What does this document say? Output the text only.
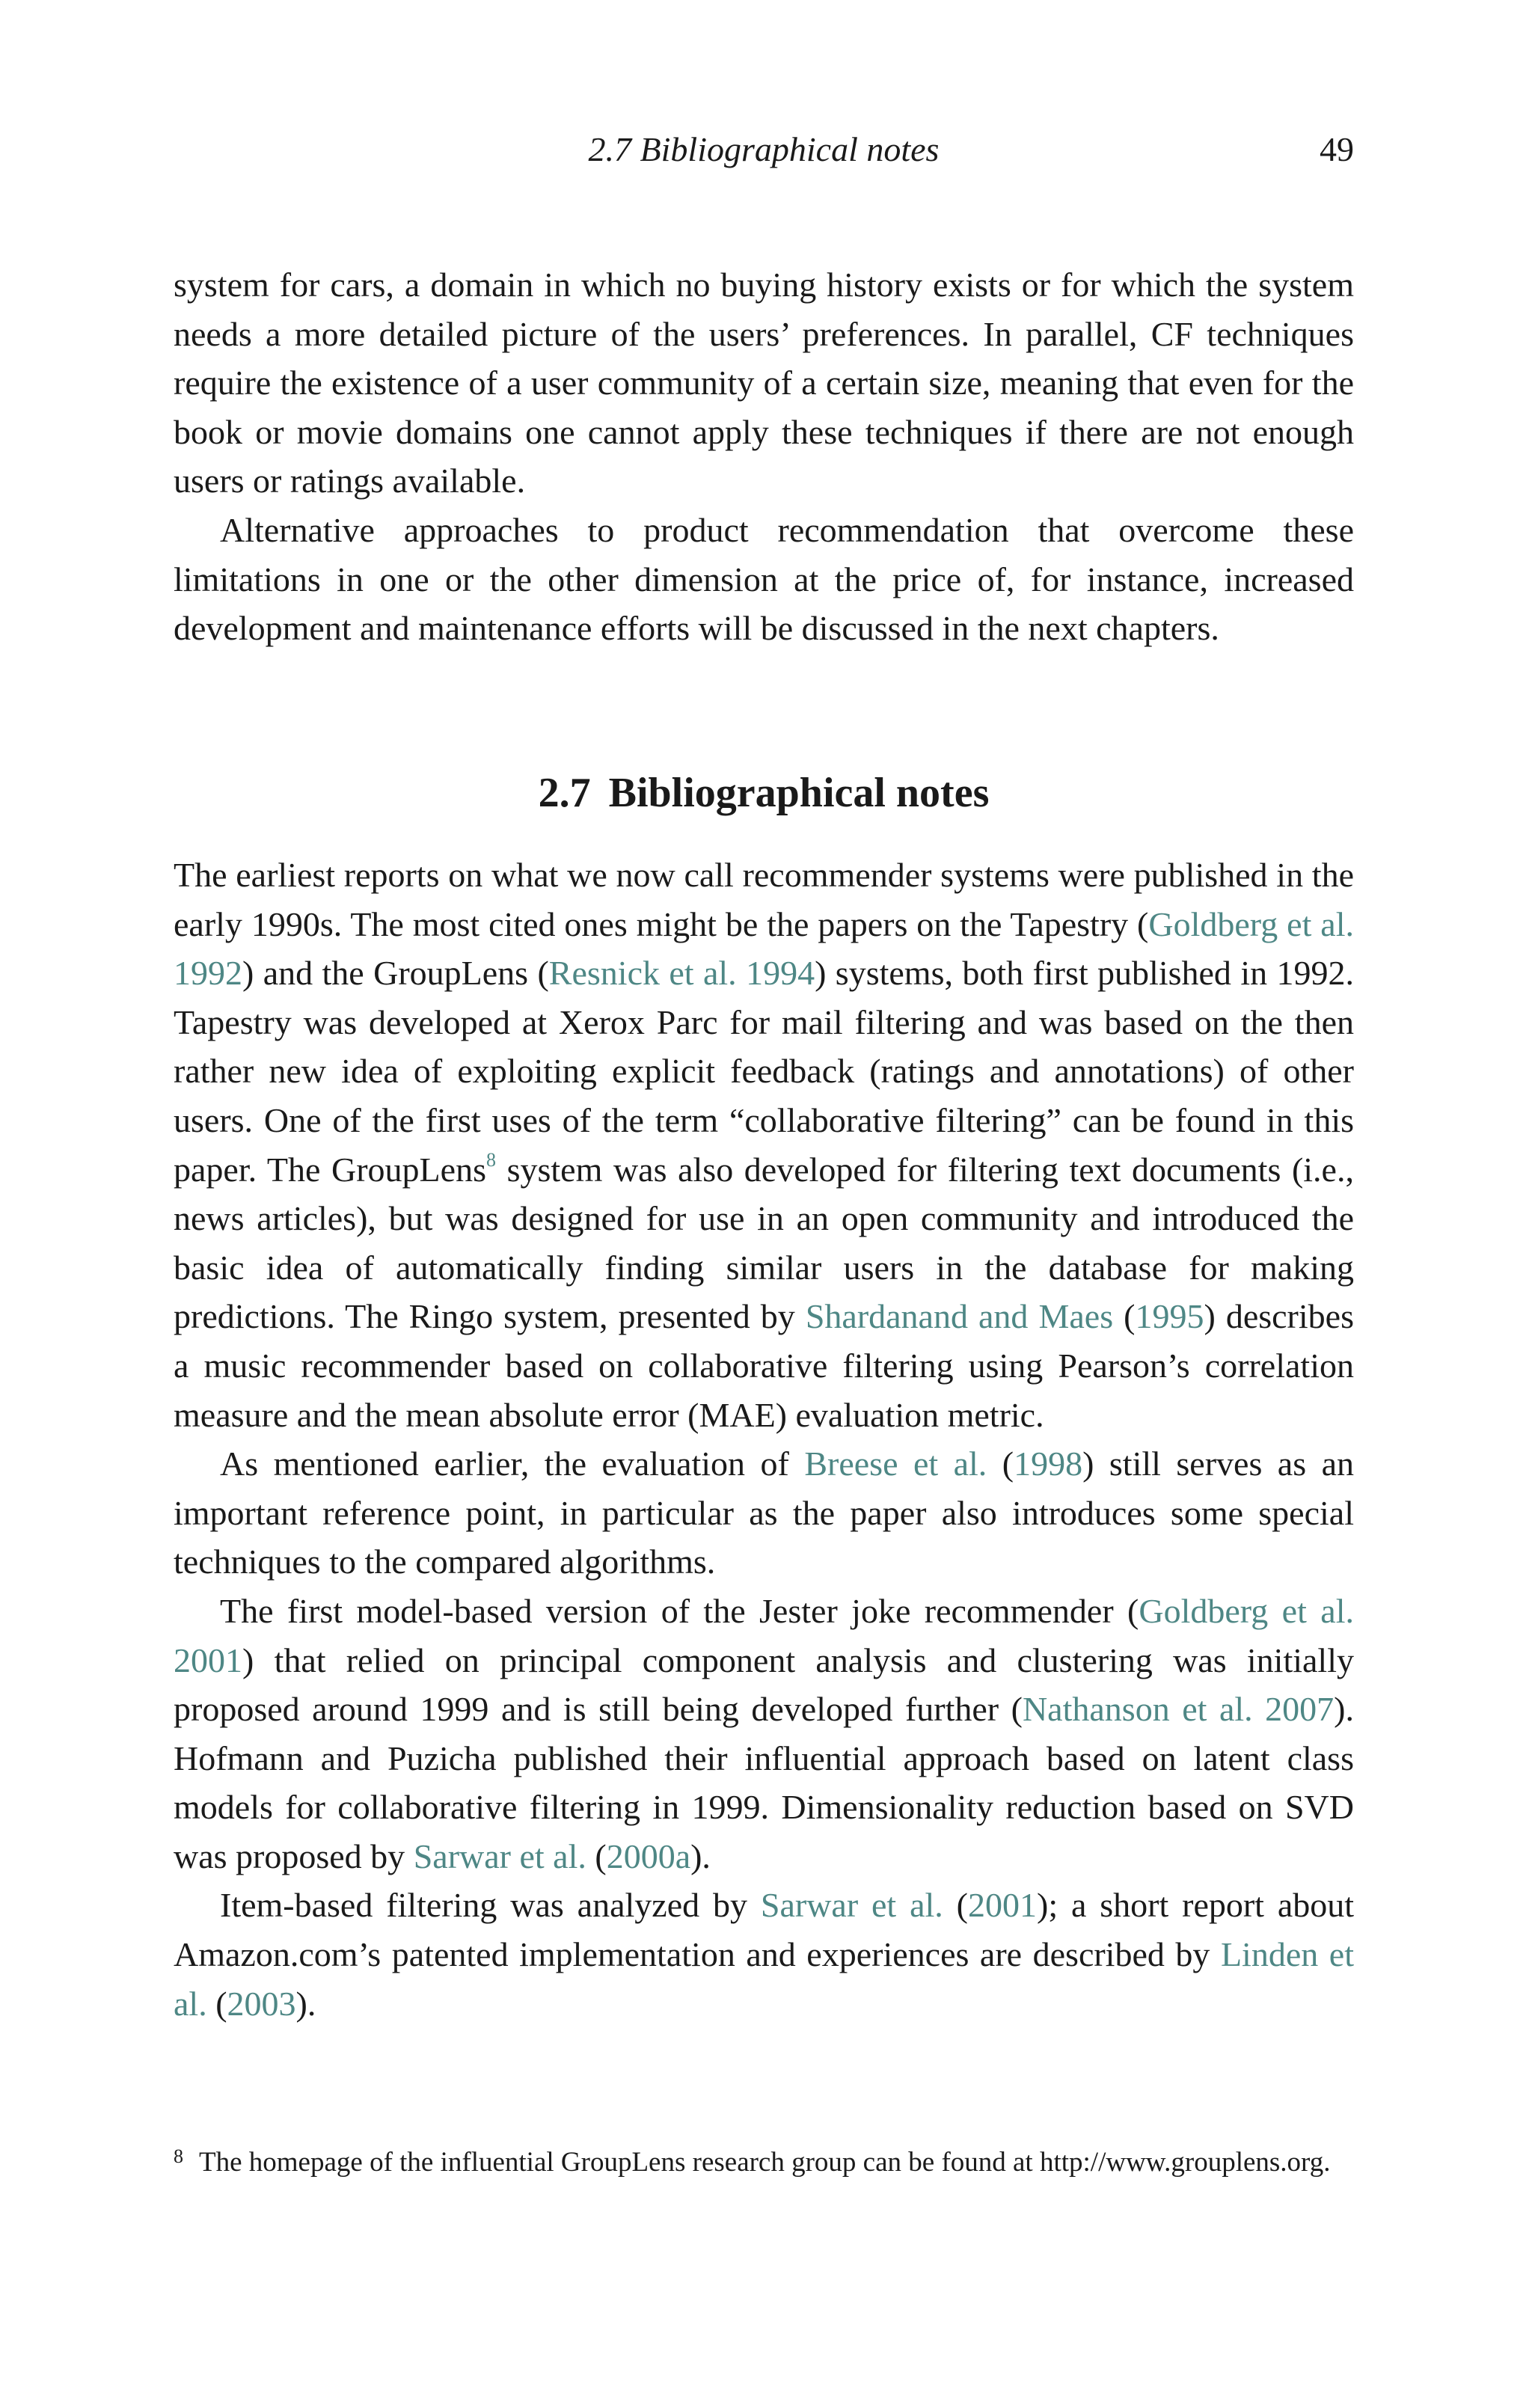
2.7 Bibliographical notes	49

system for cars, a domain in which no buying history exists or for which the system needs a more detailed picture of the users’ preferences. In parallel, CF techniques require the existence of a user community of a certain size, meaning that even for the book or movie domains one cannot apply these techniques if there are not enough users or ratings available.

Alternative approaches to product recommendation that overcome these limitations in one or the other dimension at the price of, for instance, increased development and maintenance efforts will be discussed in the next chapters.

2.7 Bibliographical notes

The earliest reports on what we now call recommender systems were published in the early 1990s. The most cited ones might be the papers on the Tapestry (Goldberg et al. 1992) and the GroupLens (Resnick et al. 1994) systems, both first published in 1992. Tapestry was developed at Xerox Parc for mail filtering and was based on the then rather new idea of exploiting explicit feedback (ratings and annotations) of other users. One of the first uses of the term “collaborative filtering” can be found in this paper. The GroupLens$^8$ system was also developed for filtering text documents (i.e., news articles), but was designed for use in an open community and introduced the basic idea of automatically finding similar users in the database for making predictions. The Ringo system, presented by Shardanand and Maes (1995) describes a music recommender based on collaborative filtering using Pearson’s correlation measure and the mean absolute error (MAE) evaluation metric.

As mentioned earlier, the evaluation of Breese et al. (1998) still serves as an important reference point, in particular as the paper also introduces some special techniques to the compared algorithms.

The first model-based version of the Jester joke recommender (Goldberg et al. 2001) that relied on principal component analysis and clustering was initially proposed around 1999 and is still being developed further (Nathanson et al. 2007). Hofmann and Puzicha published their influential approach based on latent class models for collaborative filtering in 1999. Dimensionality reduction based on SVD was proposed by Sarwar et al. (2000a).

Item-based filtering was analyzed by Sarwar et al. (2001); a short report about Amazon.com’s patented implementation and experiences are described by Linden et al. (2003).

8 The homepage of the influential GroupLens research group can be found at http://www.grouplens.org.
